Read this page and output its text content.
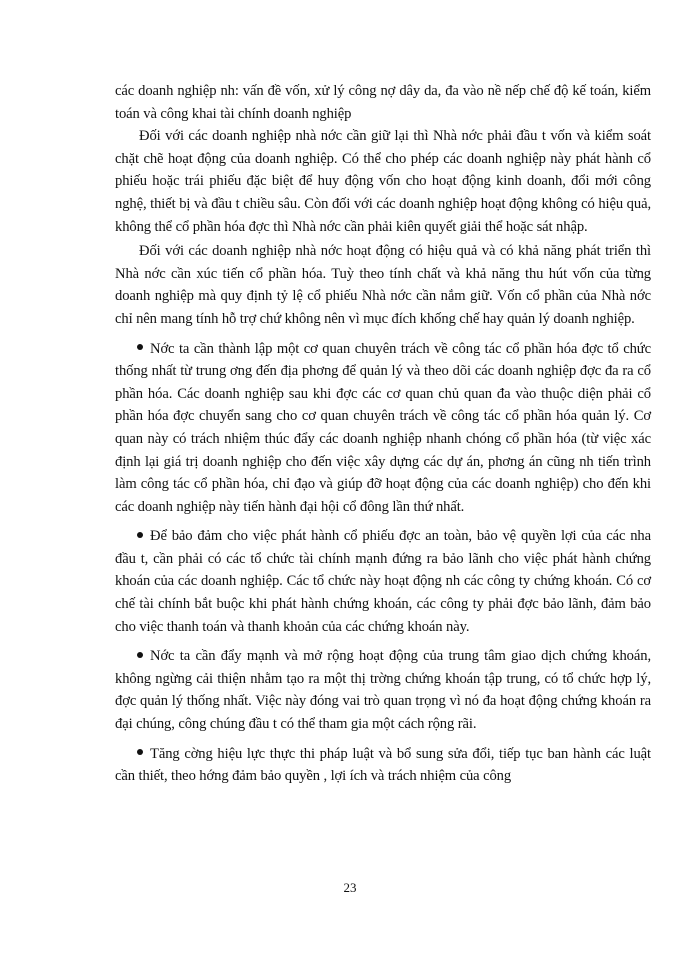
các doanh nghiệp nh: vấn đề vốn, xử lý công nợ dây da, đa vào nề nếp chế độ kế toán, kiểm toán và công khai tài chính doanh nghiệp

Đối với các doanh nghiệp nhà nớc cần giữ lại thì Nhà nớc phải đầu t vốn và kiểm soát chặt chẽ hoạt động của doanh nghiệp. Có thể cho phép các doanh nghiệp này phát hành cổ phiếu hoặc trái phiếu đặc biệt để huy động vốn cho hoạt động kinh doanh, đổi mới công nghệ, thiết bị và đầu t chiều sâu. Còn đối với các doanh nghiệp hoạt động không có hiệu quả, không thể cổ phần hóa đợc thì Nhà nớc cần phải kiên quyết giải thể hoặc sát nhập.

Đối với các doanh nghiệp nhà nớc hoạt động có hiệu quả và có khả năng phát triển thì Nhà nớc cần xúc tiến cổ phần hóa. Tuỳ theo tính chất và khả năng thu hút vốn của từng doanh nghiệp mà quy định tỷ lệ cổ phiếu Nhà nớc cần nắm giữ. Vốn cổ phần của Nhà nớc chỉ nên mang tính hỗ trợ chứ không nên vì mục đích khống chế hay quản lý doanh nghiệp.

Nớc ta cần thành lập một cơ quan chuyên trách về công tác cổ phần hóa đợc tổ chức thống nhất từ trung ơng đến địa phơng để quản lý và theo dõi các doanh nghiệp đợc đa ra cổ phần hóa. Các doanh nghiệp sau khi đợc các cơ quan chủ quan đa vào thuộc diện phải cổ phần hóa đợc chuyển sang cho cơ quan chuyên trách về công tác cổ phần hóa quản lý. Cơ quan này có trách nhiệm thúc đẩy các doanh nghiệp nhanh chóng cổ phần hóa (từ việc xác định lại giá trị doanh nghiệp cho đến việc xây dựng các dự án, phơng án cũng nh tiến trình làm công tác cổ phần hóa, chỉ đạo và giúp đỡ hoạt động của các doanh nghiệp) cho đến khi các doanh nghiệp này tiến hành đại hội cổ đông lần thứ nhất.

Để bảo đảm cho việc phát hành cổ phiếu đợc an toàn, bảo vệ quyền lợi của các nha đầu t, cần phải có các tổ chức tài chính mạnh đứng ra bảo lãnh cho việc phát hành chứng khoán của các doanh nghiệp. Các tổ chức này hoạt động nh các công ty chứng khoán. Có cơ chế tài chính bắt buộc khi phát hành chứng khoán, các công ty phải đợc bảo lãnh, đảm bảo cho việc thanh toán và thanh khoản của các chứng khoán này.

Nớc ta cần đẩy mạnh và mở rộng hoạt động của trung tâm giao dịch chứng khoán, không ngừng cải thiện nhằm tạo ra một thị trờng chứng khoán tập trung, có tổ chức hợp lý, đợc quản lý thống nhất. Việc này đóng vai trò quan trọng vì nó đa hoạt động chứng khoán ra đại chúng, công chúng đầu t có thể tham gia một cách rộng rãi.

Tăng cờng hiệu lực thực thi pháp luật và bổ sung sửa đổi, tiếp tục ban hành các luật cần thiết, theo hớng đảm bảo quyền , lợi ích và trách nhiệm của công

23
